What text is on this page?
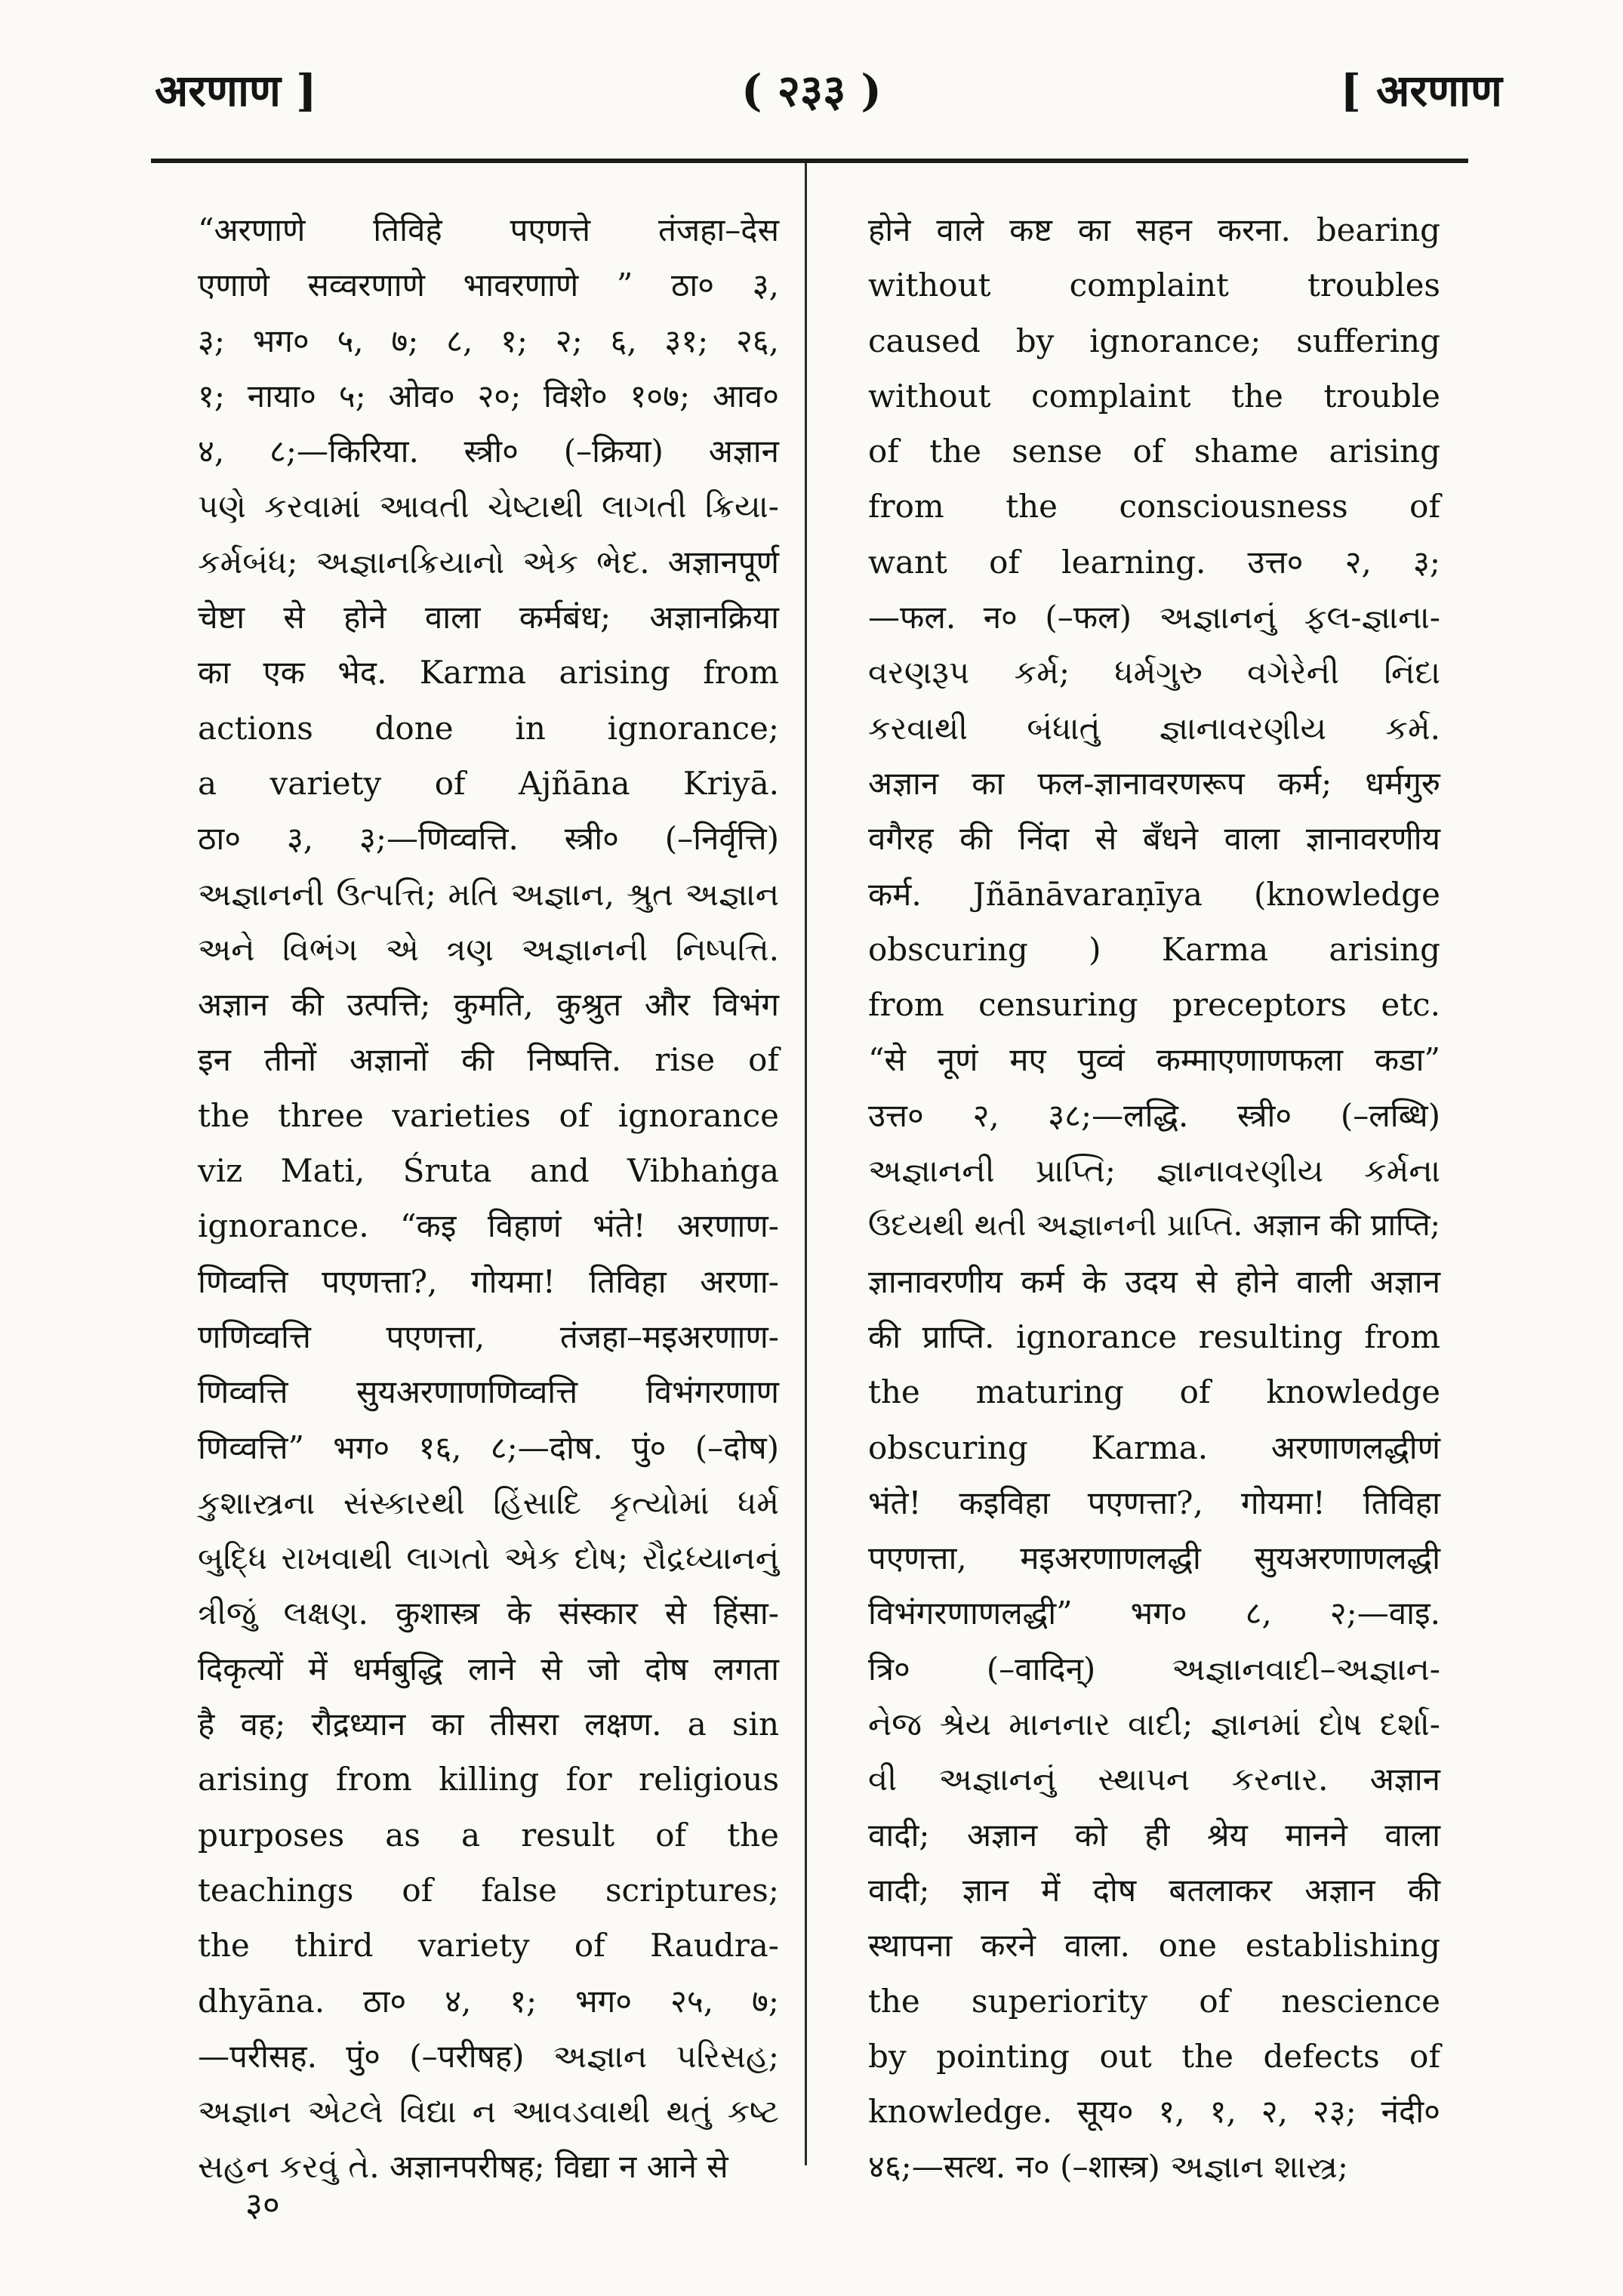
अरणाण ]	( २३३ )	[ अरणाण
“अरणाणे तिविहे पएणत्ते तंजहा–देस
एणाणे सव्वरणाणे भावरणाणे ” ठा० ३,
३; भग० ५, ७; ८, १; २; ६, ३१; २६,
१; नाया० ५; ओव० २०; विशे० १०७; आव०
४, ८;—किरिया. स्त्री० (–क्रिया) अज्ञान
પણે કરવામાં આવતી ચેષ્ટાથી લાગતી ક્રિયા-
કર્મબંધ; અજ્ઞાનક્રિયાનો એક ભેદ. अज्ञानपूर्ण
चेष्टा से होने वाला कर्मबंध; अज्ञानक्रिया
का एक भेद. Karma arising from
actions done in ignorance;
a variety of Ajñāna Kriyā.
ठा० ३, ३;—णिव्वत्ति. स्त्री० (–निर्वृत्ति)
અજ્ઞાનની ઉત્પત્તિ; મતિ અજ્ઞાન, શ્રુત અજ્ઞાન
અને વિભંગ એ ત્રણ અજ્ઞાનની નિષ્પત્તિ.
अज्ञान की उत्पत्ति; कुमति, कुश्रुत और विभंग
इन तीनों अज्ञानों की निष्पत्ति. rise of
the three varieties of ignorance
viz Mati, Śruta and Vibhaṅga
ignorance. “कइ विहाणं भंते! अरणाण-
णिव्वत्ति पएणत्ता?, गोयमा! तिविहा अरणा-
णणिव्वत्ति पएणत्ता, तंजहा–मइअरणाण-
णिव्वत्ति सुयअरणाणणिव्वत्ति विभंगरणाण
णिव्वत्ति” भग० १६, ८;—दोष. पुं० (–दोष)
કુશાસ્ત્રના સંસ્કારથી હિંસાદિ કૃત્યોમાં ધર્મ
બુદ્ધિ રાખવાથી લાગતો એક દોષ; રૌદ્રધ્યાનનું
ત્રીજું લક્ષણ. कुशास्त्र के संस्कार से हिंसा-
दिकृत्यों में धर्मबुद्धि लाने से जो दोष लगता
है वह; रौद्रध्यान का तीसरा लक्षण. a sin
arising from killing for religious
purposes as a result of the
teachings of false scriptures;
the third variety of Raudra-
dhyāna. ठा० ४, १; भग० २५, ७;
—परीसह. पुं० (–परीषह) અજ્ઞાન પરિસહ;
અજ્ઞાન એટલે વિદ્યા ન આવડવાથી થતું કષ્ટ
સહન કરવું તે. अज्ञानपरीषह; विद्या न आने से
होने वाले कष्ट का सहन करना. bearing
without complaint troubles
caused by ignorance; suffering
without complaint the trouble
of the sense of shame arising
from the consciousness of
want of learning. उत्त० २, ३;
—फल. न० (–फल) અજ્ઞાનનું ફલ-જ્ઞાના-
વરણરૂપ કર્મ; ધર્મગુરુ વગેરેની નિંદા
કરવાથી બંધાતું જ્ઞાનાવરણીય કર્મ.
अज्ञान का फल-ज्ञानावरणरूप कर्म; धर्मगुरु
वगैरह की निंदा से बँधने वाला ज्ञानावरणीय
कर्म. Jñānāvaraṇīya (knowledge
obscuring ) Karma arising
from censuring preceptors etc.
“से नूणं मए पुव्वं कम्माएणाणफला कडा”
उत्त० २, ३८;—लद्धि. स्त्री० (–लब्धि)
અજ્ઞાનની પ્રાપ્તિ; જ્ઞાનાવરણીય કર્મના
ઉદયથી થતી અજ્ઞાનની પ્રાપ્તિ. अज्ञान की प्राप्ति;
ज्ञानावरणीय कर्म के उदय से होने वाली अज्ञान
की प्राप्ति. ignorance resulting from
the maturing of knowledge
obscuring Karma. अरणाणलद्धीणं
भंते! कइविहा पएणत्ता?, गोयमा! तिविहा
पएणत्ता, मइअरणाणलद्धी सुयअरणाणलद्धी
विभंगरणाणलद्धी” भग० ८, २;—वाइ.
त्रि० (–वादिन्) અજ્ઞાનવાદી–અજ્ઞાન-
નેજ શ્રેય માનનાર વાદી; જ્ઞાનમાં દોષ દર્શા-
વી અજ્ઞાનનું સ્થાપન કરનાર. अज्ञान
वादी; अज्ञान को ही श्रेय मानने वाला
वादी; ज्ञान में दोष बतलाकर अज्ञान की
स्थापना करने वाला. one establishing
the superiority of nescience
by pointing out the defects of
knowledge. सूय० १, १, २, २३; नंदी०
४६;—सत्थ. न० (–शास्त्र) અજ્ઞાન શાસ્ત્ર;
३०
